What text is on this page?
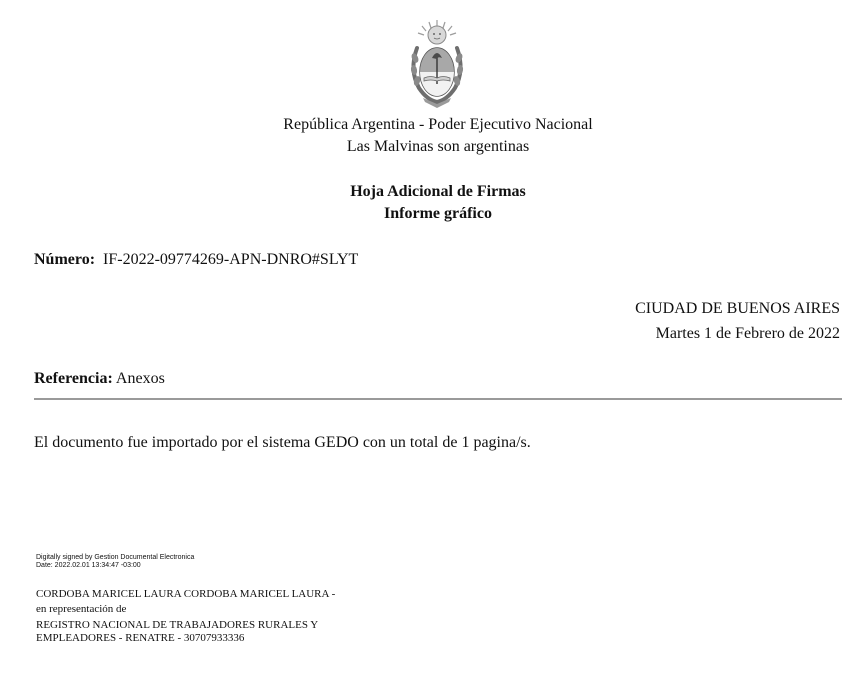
República Argentina - Poder Ejecutivo Nacional
Las Malvinas son argentinas
Hoja Adicional de Firmas
Informe gráfico
Número: IF-2022-09774269-APN-DNRO#SLYT
CIUDAD DE BUENOS AIRES
Martes 1 de Febrero de 2022
Referencia: Anexos
El documento fue importado por el sistema GEDO con un total de 1 pagina/s.
Digitally signed by Gestion Documental Electronica
Date: 2022.02.01 13:34:47 -03:00
CORDOBA MARICEL LAURA CORDOBA MARICEL LAURA -
en representación de
REGISTRO NACIONAL DE TRABAJADORES RURALES Y
EMPLEADORES - RENATRE - 30707933336
